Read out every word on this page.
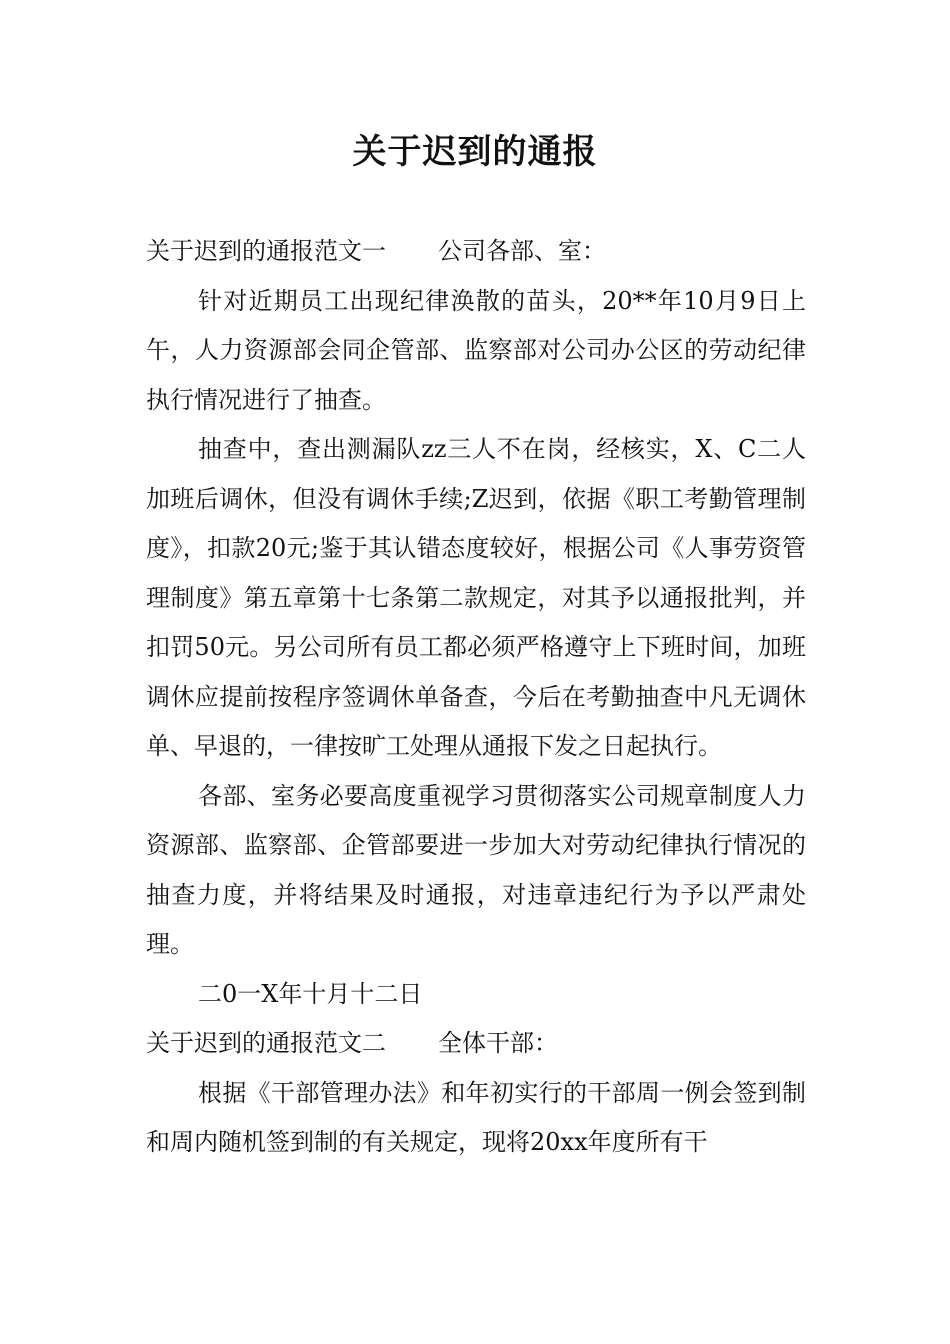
关于迟到的通报

关于迟到的通报范文一 公司各部、室：

针对近期员工出现纪律涣散的苗头，20**年10月9日上午，人力资源部会同企管部、监察部对公司办公区的劳动纪律执行情况进行了抽查。

抽查中，查出测漏队zz三人不在岗，经核实，X、C二人加班后调休，但没有调休手续;Z迟到，依据《职工考勤管理制度》，扣款20元;鉴于其认错态度较好，根据公司《人事劳资管理制度》第五章第十七条第二款规定，对其予以通报批判，并扣罚50元。另公司所有员工都必须严格遵守上下班时间，加班调休应提前按程序签调休单备查，今后在考勤抽查中凡无调休单、早退的，一律按旷工处理从通报下发之日起执行。

各部、室务必要高度重视学习贯彻落实公司规章制度人力资源部、监察部、企管部要进一步加大对劳动纪律执行情况的抽查力度，并将结果及时通报，对违章违纪行为予以严肃处理。

二0一X年十月十二日

关于迟到的通报范文二 全体干部：

根据《干部管理办法》和年初实行的干部周一例会签到制和周内随机签到制的有关规定，现将20xx年度所有干
